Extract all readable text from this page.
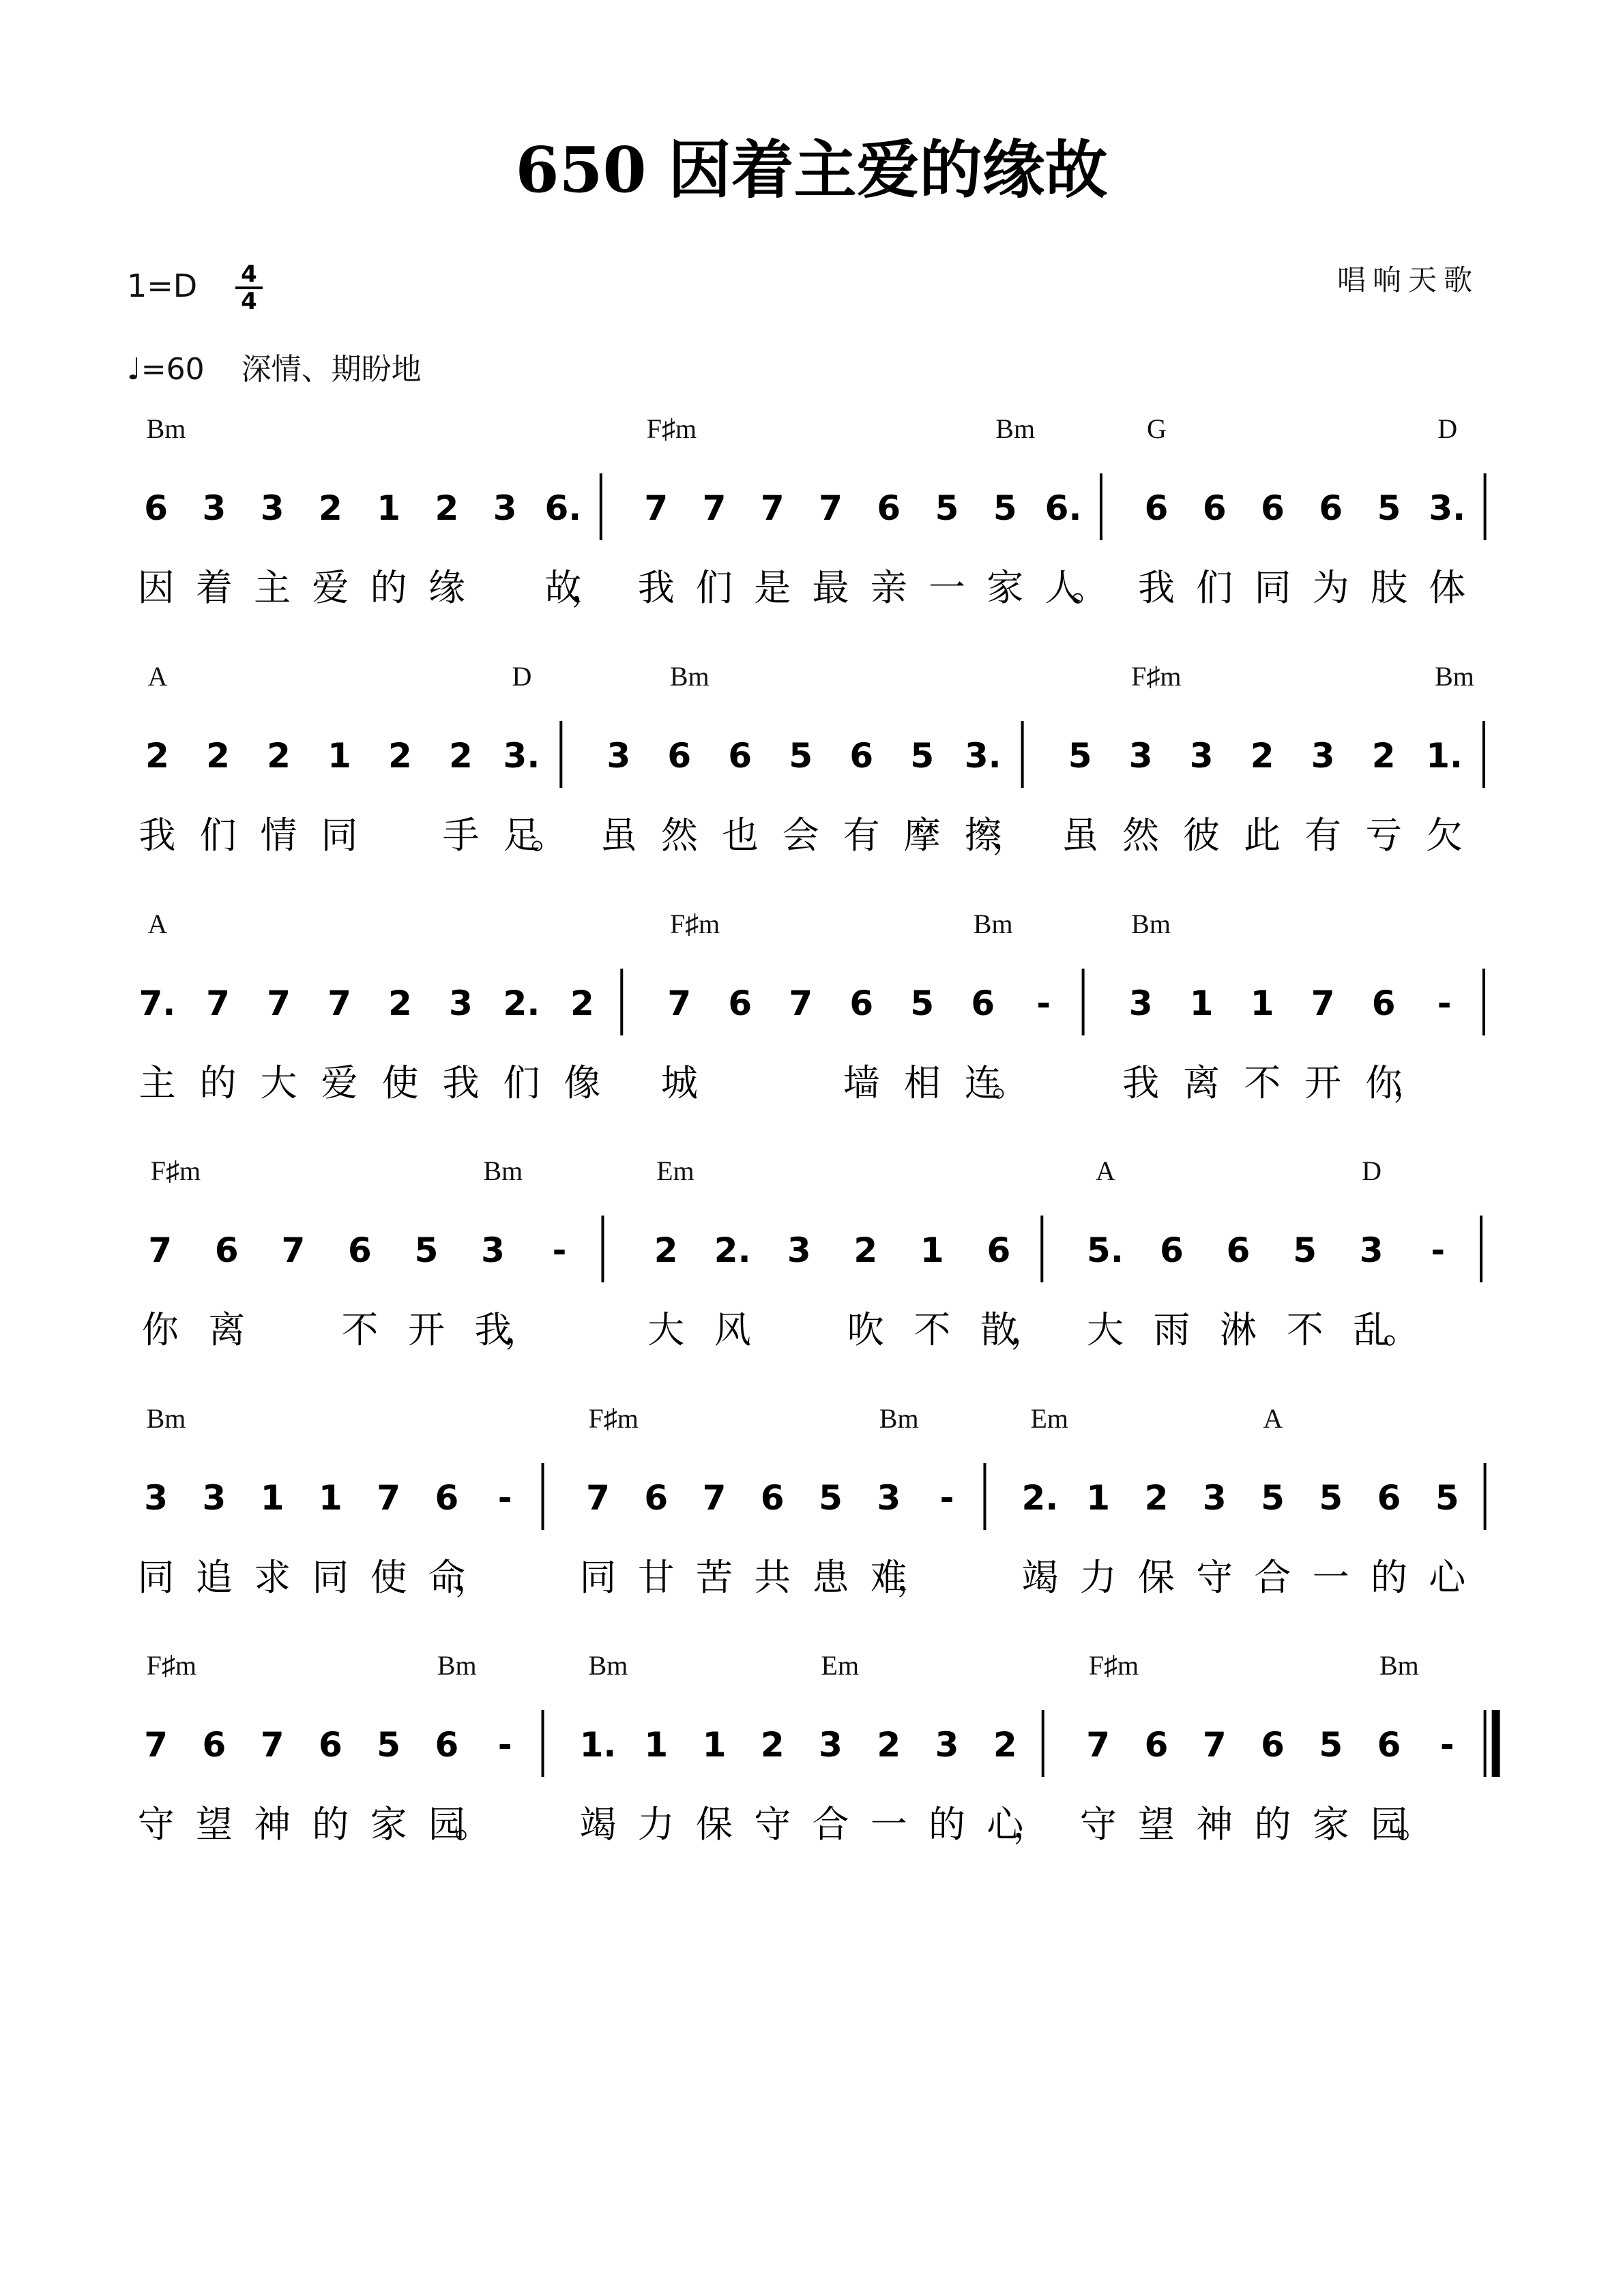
650 因着主爱的缘故
1=D 4
4
♩=60 深情、期盼地
唱响天歌
6 3 3 2 1 2 3 6. 7 7 7 7 6 5 5 6. 6 6 6 6 5 3.
Bm	F♯m	Bm	G	D
因 着 主 爱 的 缘 故
， 我 们 是 最 亲 一 家 人
。 我 们 同 为 肢 体
2 2 2 1 2 2 3. 3 6 6 5 6 5 3. 5 3 3 2 3 2 1.
A	D	Bm	F♯m	Bm
我 们 情 同 手 足
。 虽 然 也 会 有 摩 擦
， 虽 然 彼 此 有 亏 欠
7. 7 7 7 2 3 2. 2 7 6 7 6 5 6 - 3 1 1 7 6 -
A	F♯m	Bm	Bm
主 的 大 爱 使 我 们 像 城	墙 相 连
。	我 离 不 开 你
，
7 6 7 6 5 3 -	2 2. 3 2 1 6 5. 6 6 5 3 -
F♯m	Bm	Em	A	D
你 离	不 开 我
，	大 风	吹 不 散
， 大 雨 淋 不 乱
。
3 3 1 1 7 6 - 7 6 7 6 5 3 - 2. 1 2 3 5 5 6 5
Bm	F♯m	Bm	Em	A
同 追 求 同 使 命
， 同 甘 苦 共 患 难
， 竭 力 保 守 合 一 的 心
7 6 7 6 5 6 - 1. 1 1 2 3 2 3 2 7 6 7 6 5 6 -
F♯m	Bm	Bm	Em	F♯m	Bm
守 望 神 的 家 园
。 竭 力 保 守 合 一 的 心
， 守 望 神 的 家 园
。
